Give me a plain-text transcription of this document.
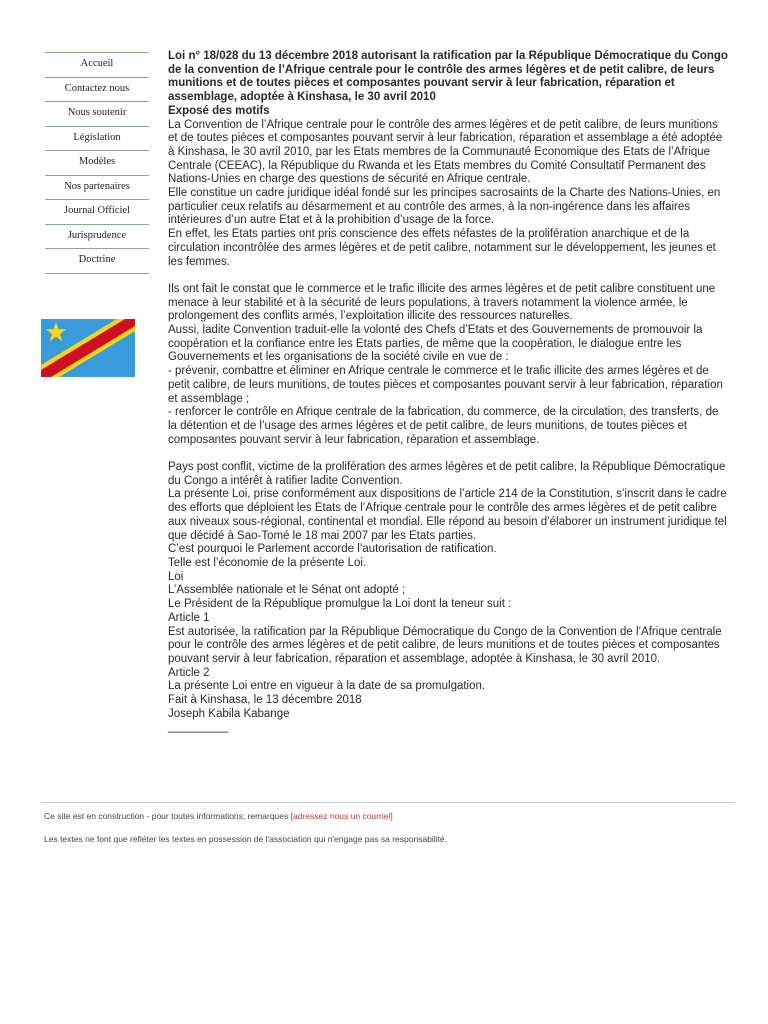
Accueil
Contactez nous
Nous soutenir
Législation
Modèles
Nos partenaires
Journal Officiel
Jurisprudence
Doctrine

Loi n° 18/028 du 13 décembre 2018 autorisant la ratification par la République Démocratique du Congo de la convention de l’Afrique centrale pour le contrôle des armes légères et de petit calibre, de leurs munitions et de toutes pièces et composantes pouvant servir à leur fabrication, réparation et assemblage, adoptée à Kinshasa, le 30 avril 2010

Exposé des motifs

La Convention de l’Afrique centrale pour le contrôle des armes légères et de petit calibre, de leurs munitions et de toutes pièces et composantes pouvant servir à leur fabrication, réparation et assemblage a été adoptée à Kinshasa, le 30 avril 2010, par les Etats membres de la Communauté Economique des Etats de l’Afrique Centrale (CEEAC), la République du Rwanda et les Etats membres du Comité Consultatif Permanent des Nations-Unies en charge des questions de sécurité en Afrique centrale.

Elle constitue un cadre juridique idéal fondé sur les principes sacrosaints de la Charte des Nations-Unies, en particulier ceux relatifs au désarmement et au contrôle des armes, à la non-ingérence dans les affaires

intérieures d’un autre Etat et à la prohibition d’usage de la force.

En effet, les Etats parties ont pris conscience des effets néfastes de la prolifération anarchique et de la circulation incontrôlée des armes légères et de petit calibre, notamment sur le développement, les jeunes et les femmes.

Ils ont fait le constat que le commerce et le trafic illicite des armes légères et de petit calibre constituent une menace à leur stabilité et à la sécurité de leurs populations, à travers notamment la violence armée, le

prolongement des conflits armés, l’exploitation illicite des ressources naturelles.

Aussi, ladite Convention traduit-elle la volonté des Chefs d’Etats et des Gouvernements de promouvoir la coopération et la confiance entre les Etats parties, de même que la coopération, le dialogue entre les Gouvernements et les organisations de la société civile en vue de :

- prévenir, combattre et éliminer en Afrique centrale le commerce et le trafic illicite des armes légères et de petit calibre, de leurs munitions, de toutes pièces et composantes pouvant servir à leur fabrication, réparation et assemblage ;

- renforcer le contrôle en Afrique centrale de la fabrication, du commerce, de la circulation, des transferts, de la détention et de l’usage des armes légères et de petit calibre, de leurs munitions, de toutes pièces et composantes pouvant servir à leur fabrication, réparation et assemblage.

Pays post conflit, victime de la prolifération des armes légères et de petit calibre, la République Démocratique du Congo a intérêt à ratifier ladite Convention.

La présente Loi, prise conformément aux dispositions de l’article 214 de la Constitution, s’inscrit dans le cadre des efforts que déploient les Etats de l’Afrique centrale pour le contrôle des armes légères et de petit calibre aux niveaux sous-régional, continental et mondial. Elle répond au besoin d’élaborer un instrument juridique tel que décidé à Sao-Tomé le 18 mai 2007 par les Etats parties.

C’est pourquoi le Parlement accorde l’autorisation de ratification.

Telle est l’économie de la présente Loi.

Loi

L’Assemblée nationale et le Sénat ont adopté ;

Le Président de la République promulgue la Loi dont la teneur suit :

Article 1

Est autorisée, la ratification par la République Démocratique du Congo de la Convention de l’Afrique centrale pour le contrôle des armes légères et de petit calibre, de leurs munitions et de toutes pièces et composantes pouvant servir à leur fabrication, réparation et assemblage, adoptée à Kinshasa, le 30 avril 2010.

Article 2

La présente Loi entre en vigueur à la date de sa promulgation.

Fait à Kinshasa, le 13 décembre 2018

Joseph Kabila Kabange

___________

Ce site est en construction - pour toutes informations; remarques [adressez nous un courriel]
Les textes ne font que refléter les textes en possession de l'association qui n'engage pas sa responsabilité.
